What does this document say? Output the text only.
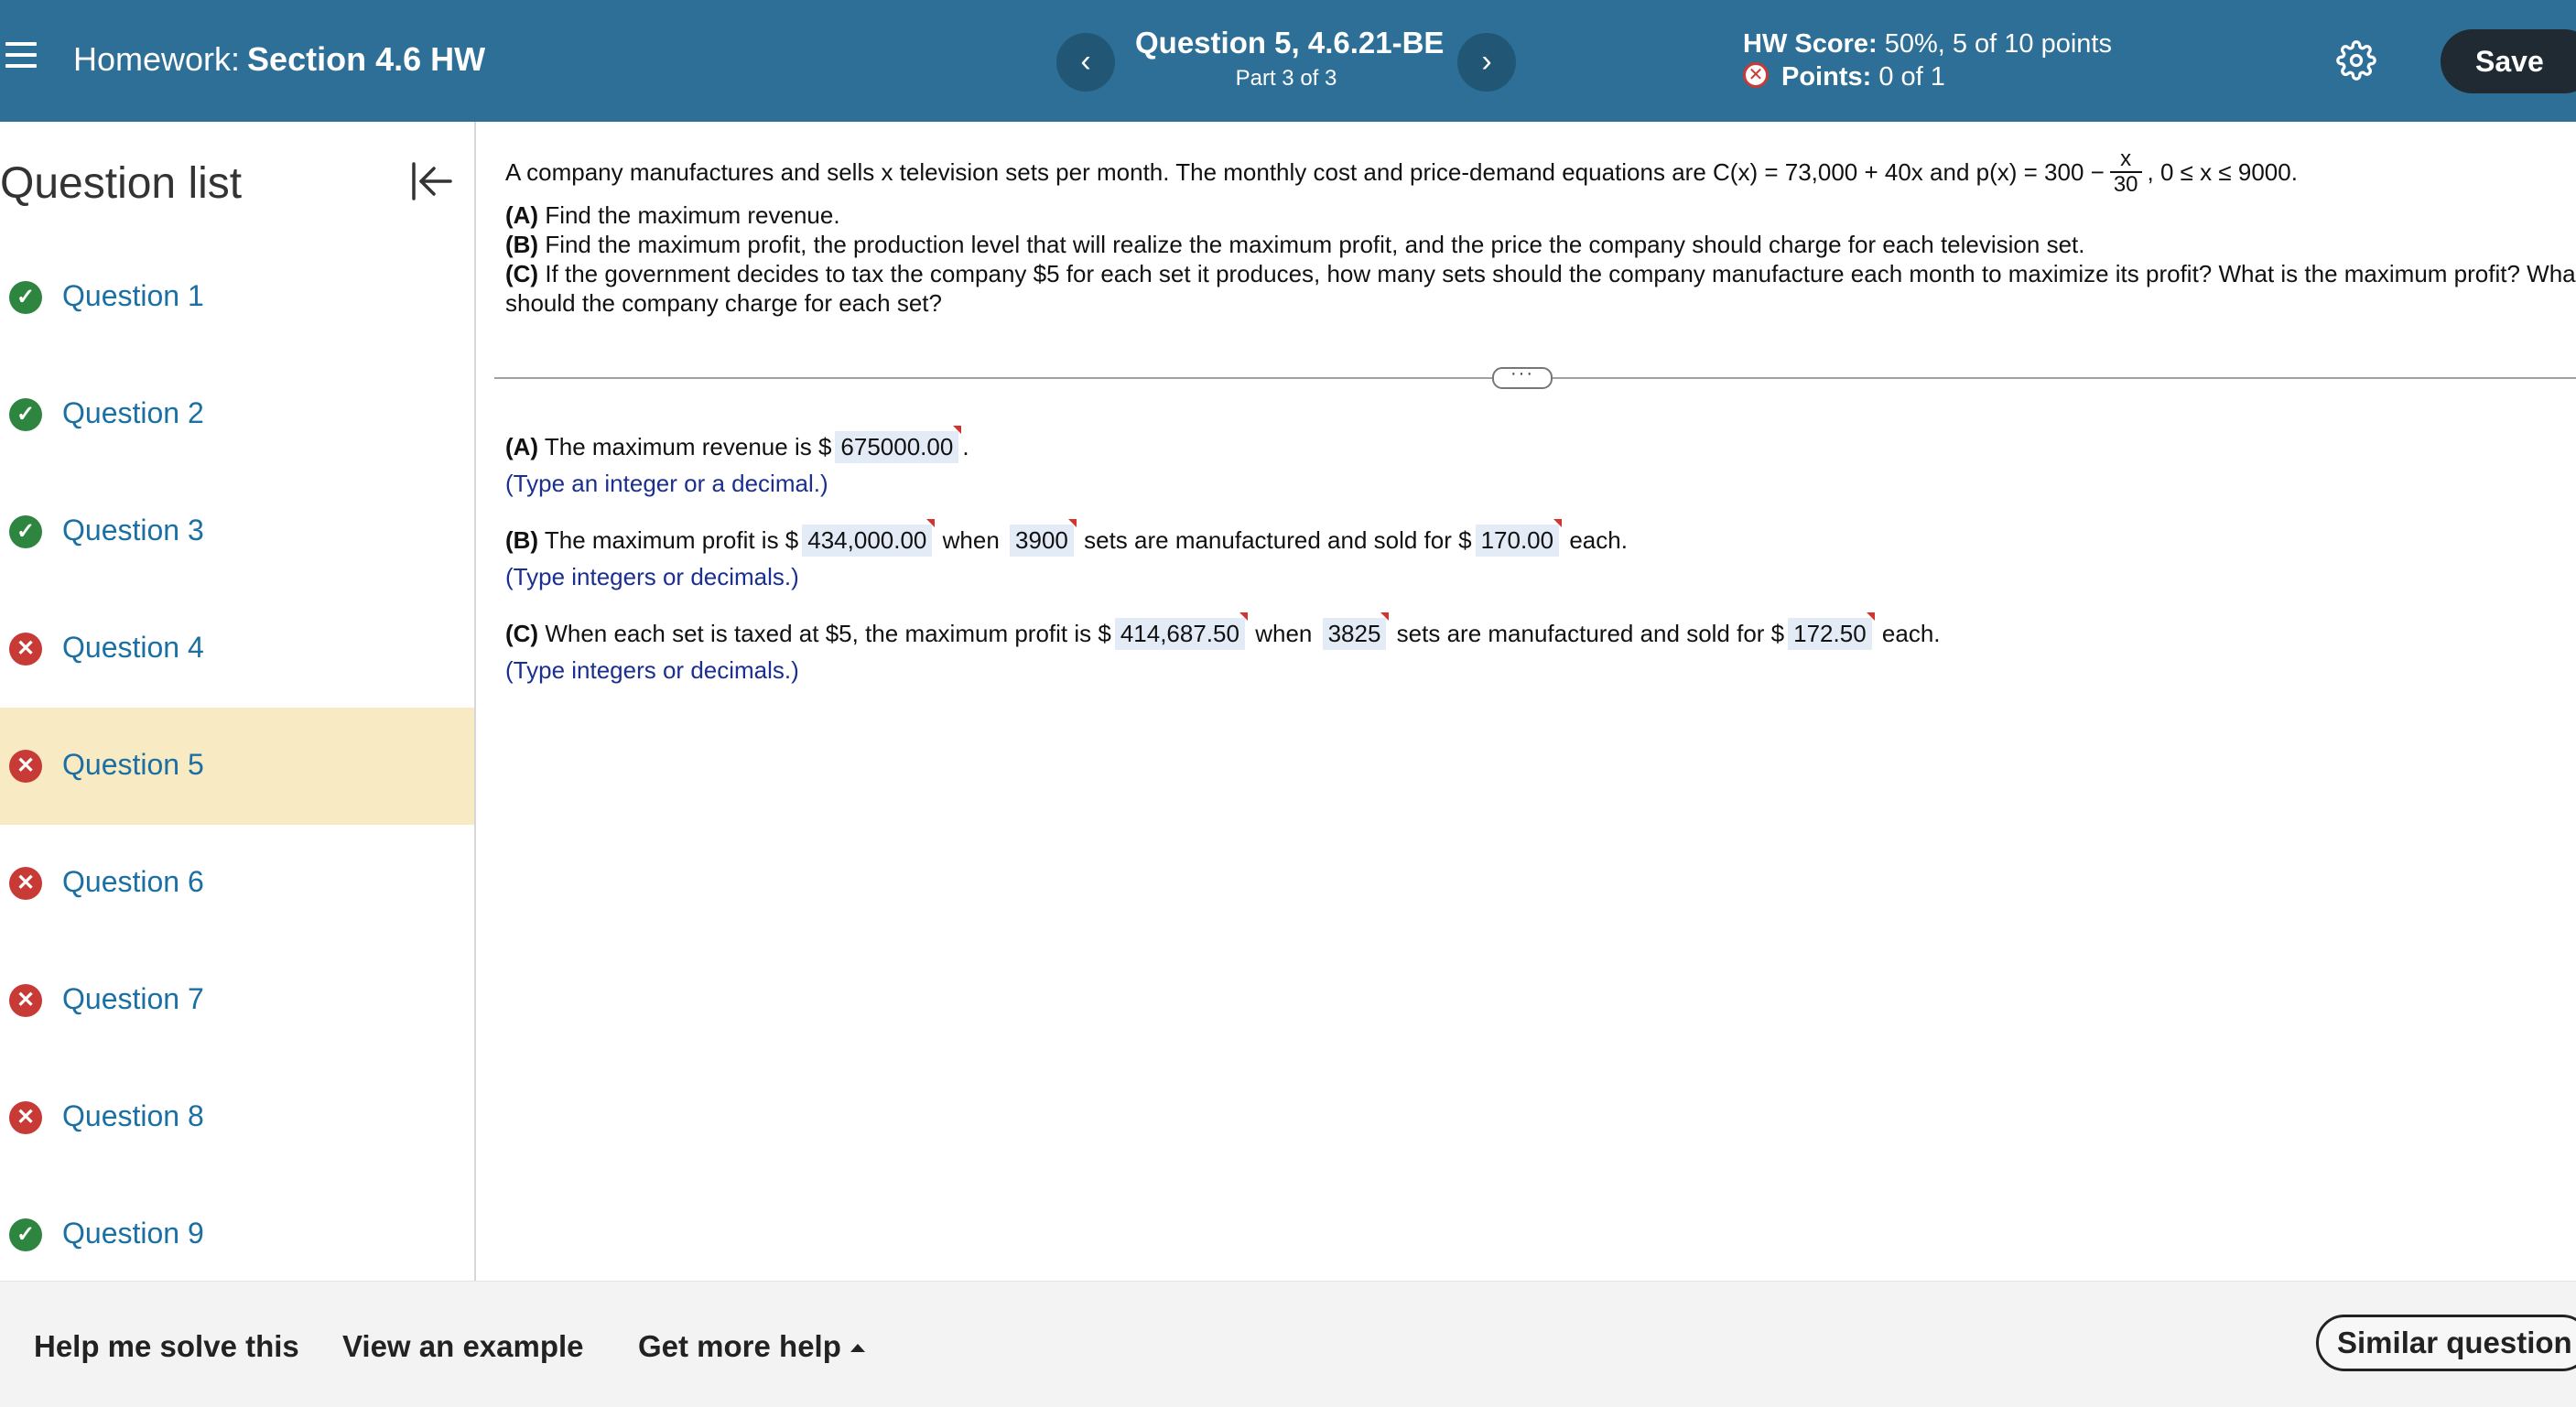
Homework: Section 4.6 HW	‹
Question 5, 4.6.21-BE
Part 3 of 3	›	HW Score: 50%, 5 of 10 points
✕ Points: 0 of 1	Save
Question list
✓ Question 1
✓ Question 2
✓ Question 3
✕ Question 4
✕ Question 5
✕ Question 6
✕ Question 7
✕ Question 8
✓ Question 9
A company manufactures and sells x television sets per month. The monthly cost and price-demand equations are C(x) = 73,000 + 40x and $p(x) = 300 - \frac{x}{30}$ , 0 ≤ x ≤ 9000.
(A) Find the maximum revenue.
(B) Find the maximum profit, the production level that will realize the maximum profit, and the price the company should charge for each television set.
(C) If the government decides to tax the company $5 for each set it produces, how many sets should the company manufacture each month to maximize its profit? What is the maximum profit? Wha
should the company charge for each set?
···
(A) The maximum revenue is $ 675000.00 .
(Type an integer or a decimal.)
(B) The maximum profit is $ 434,000.00 when 3900 sets are manufactured and sold for $ 170.00 each.
(Type integers or decimals.)
(C) When each set is taxed at $5, the maximum profit is $ 414,687.50 when 3825 sets are manufactured and sold for $ 172.50 each.
(Type integers or decimals.)
Help me solve this View an example Get more help	Similar question
